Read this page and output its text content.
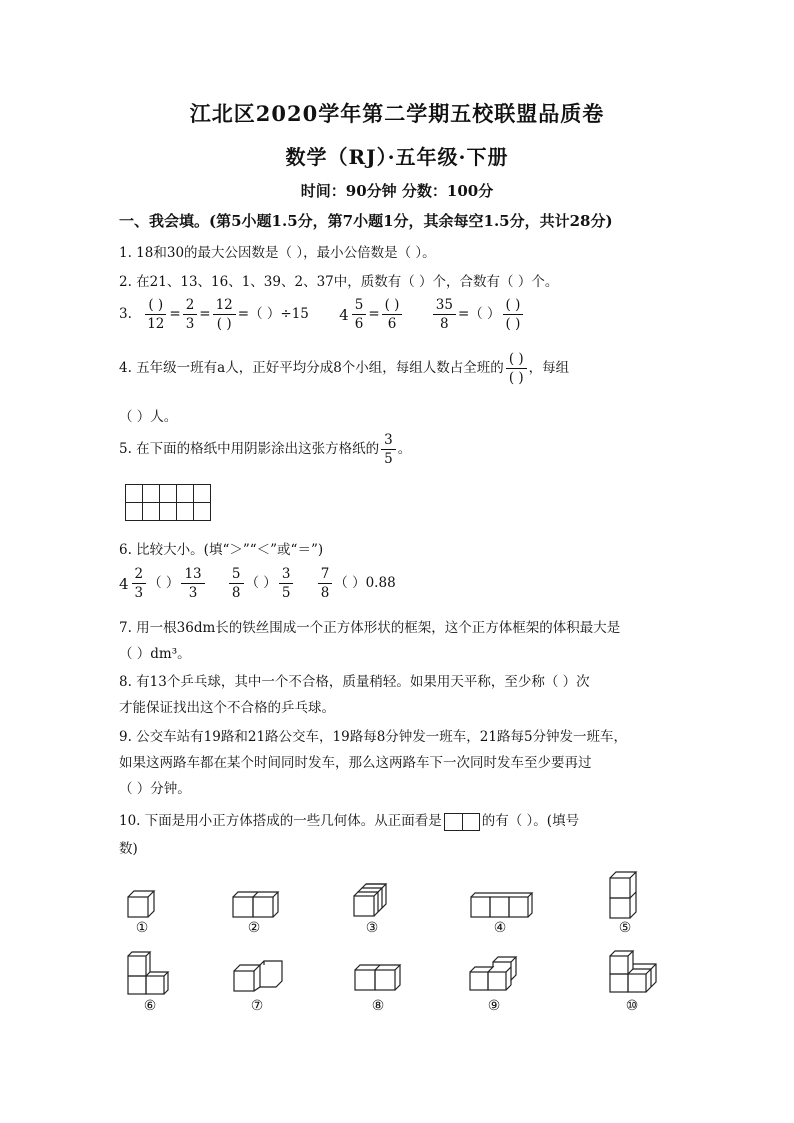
江北区2020学年第二学期五校联盟品质卷
数学（RJ）·五年级·下册
时间：90分钟 分数：100分
一、我会填。(第5小题1.5分，第7小题1分，其余每空1.5分，共计28分)
1. 18和30的最大公因数是（ ），最小公倍数是（ ）。
2. 在21、13、16、1、39、2、37中，质数有（ ）个，合数有（ ）个。
3. $\frac{( )}{12} = \frac{2}{3} = \frac{12}{( )}$ =（ ）÷15 $4 \frac{5}{6} = \frac{( )}{6}$
$\frac{35}{8}$ =（ ） $\frac{( )}{( )}$
4. 五年级一班有a人，正好平均分成8个小组，每组人数占全班的 $\frac{( )}{( )}$ ，每组
（ ）人。
5. 在下面的格纸中用阴影涂出这张方格纸的 $\frac{3}{5}$ 。

6. 比较大小。(填“＞”“＜”或“＝”)
$4 \frac{2}{3}$ （ ） $\frac{13}{3}$
$\frac{5}{8}$ （ ） $\frac{3}{5}$
$\frac{7}{8}$ （ ）0.88
7. 用一根36dm长的铁丝围成一个正方体形状的框架，这个正方体框架的体积最大是
（ ）dm³。
8. 有13个乒乓球，其中一个不合格，质量稍轻。如果用天平称，至少称（ ）次
才能保证找出这个不合格的乒乓球。
9. 公交车站有19路和21路公交车，19路每8分钟发一班车，21路每5分钟发一班车，
如果这两路车都在某个时间同时发车，那么这两路车下一次同时发车至少要再过
（ ）分钟。
10. 下面是用小正方体搭成的一些几何体。从正面看是	的有（ ）。(填号
数)
①	②	③	④	⑤
⑥	⑦	⑧	⑨	⑩
